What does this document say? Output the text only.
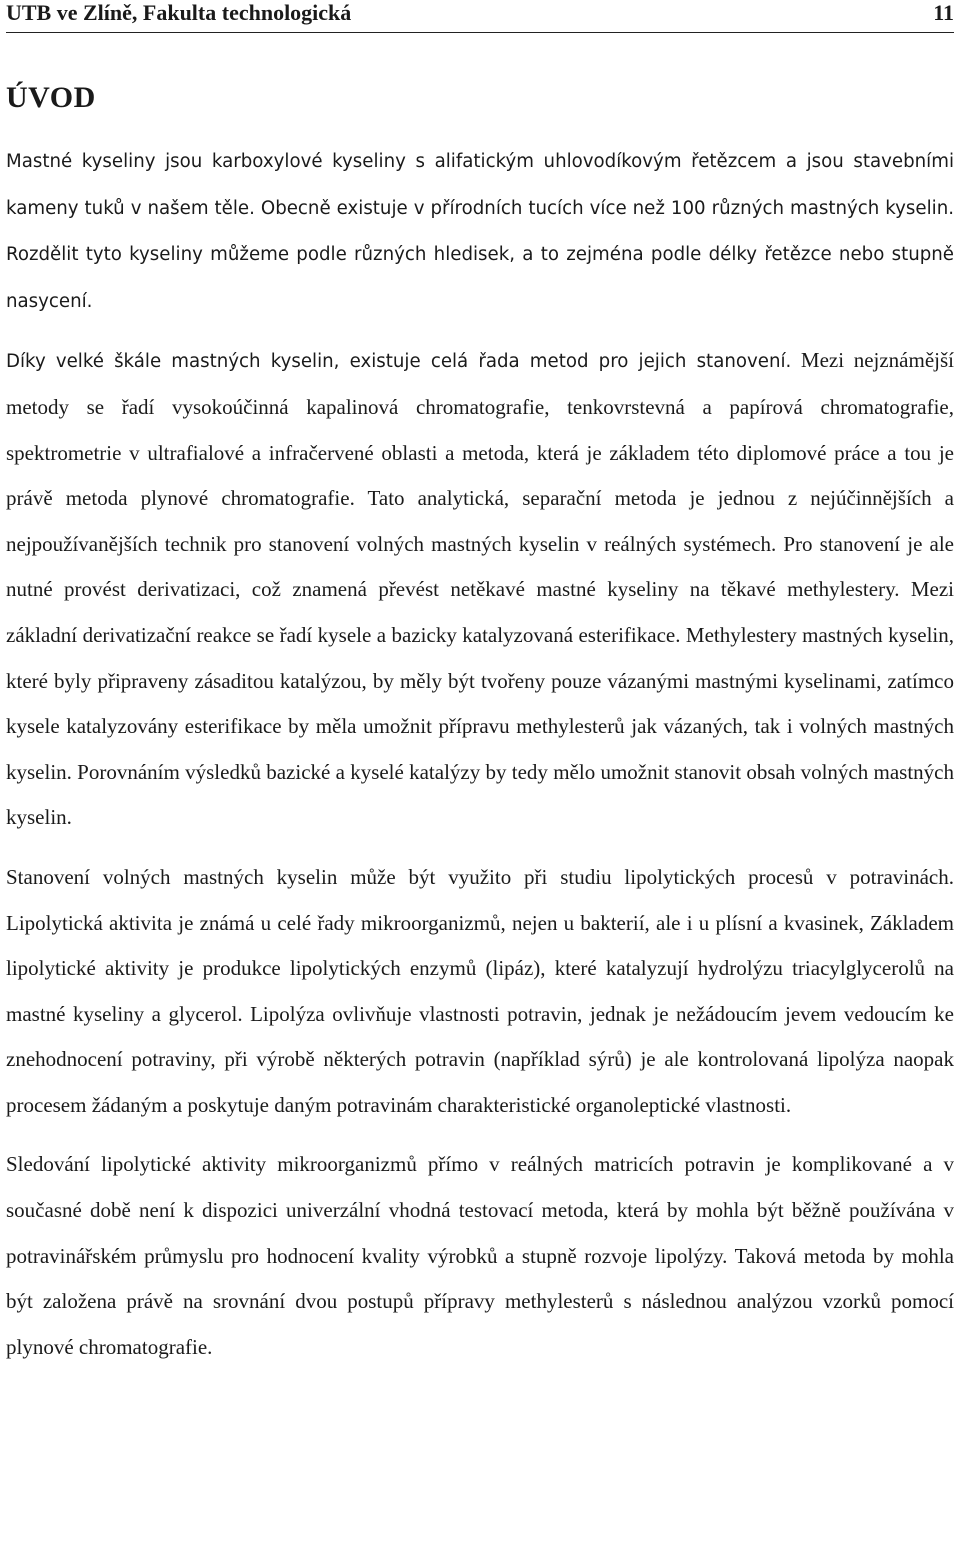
UTB ve Zlíně, Fakulta technologická	11
ÚVOD

Mastné kyseliny jsou karboxylové kyseliny s alifatickým uhlovodíkovým řetězcem a jsou stavebními kameny tuků v našem těle. Obecně existuje v přírodních tucích více než 100 různých mastných kyselin. Rozdělit tyto kyseliny můžeme podle různých hledisek, a to zejména podle délky řetězce nebo stupně nasycení.

Díky velké škále mastných kyselin, existuje celá řada metod pro jejich stanovení. Mezi nejznámější metody se řadí vysokoúčinná kapalinová chromatografie, tenkovrstevná a papírová chromatografie, spektrometrie v ultrafialové a infračervené oblasti a metoda, která je základem této diplomové práce a tou je právě metoda plynové chromatografie. Tato analytická, separační metoda je jednou z nejúčinnějších a nejpoužívanějších technik pro stanovení volných mastných kyselin v reálných systémech. Pro stanovení je ale nutné provést derivatizaci, což znamená převést netěkavé mastné kyseliny na těkavé methylestery. Mezi základní derivatizační reakce se řadí kysele a bazicky katalyzovaná esterifikace. Methylestery mastných kyselin, které byly připraveny zásaditou katalýzou, by měly být tvořeny pouze vázanými mastnými kyselinami, zatímco kysele katalyzovány esterifikace by měla umožnit přípravu methylesterů jak vázaných, tak i volných mastných kyselin. Porovnáním výsledků bazické a kyselé katalýzy by tedy mělo umožnit stanovit obsah volných mastných kyselin.

Stanovení volných mastných kyselin může být využito při studiu lipolytických procesů v potravinách. Lipolytická aktivita je známá u celé řady mikroorganizmů, nejen u bakterií, ale i u plísní a kvasinek, Základem lipolytické aktivity je produkce lipolytických enzymů (lipáz), které katalyzují hydrolýzu triacylglycerolů na mastné kyseliny a glycerol. Lipolýza ovlivňuje vlastnosti potravin, jednak je nežádoucím jevem vedoucím ke znehodnocení potraviny, při výrobě některých potravin (například sýrů) je ale kontrolovaná lipolýza naopak procesem žádaným a poskytuje daným potravinám charakteristické organoleptické vlastnosti.

Sledování lipolytické aktivity mikroorganizmů přímo v reálných matricích potravin je komplikované a v současné době není k dispozici univerzální vhodná testovací metoda, která by mohla být běžně používána v potravinářském průmyslu pro hodnocení kvality výrobků a stupně rozvoje lipolýzy. Taková metoda by mohla být založena právě na srovnání dvou postupů přípravy methylesterů s následnou analýzou vzorků pomocí plynové chromatografie.
